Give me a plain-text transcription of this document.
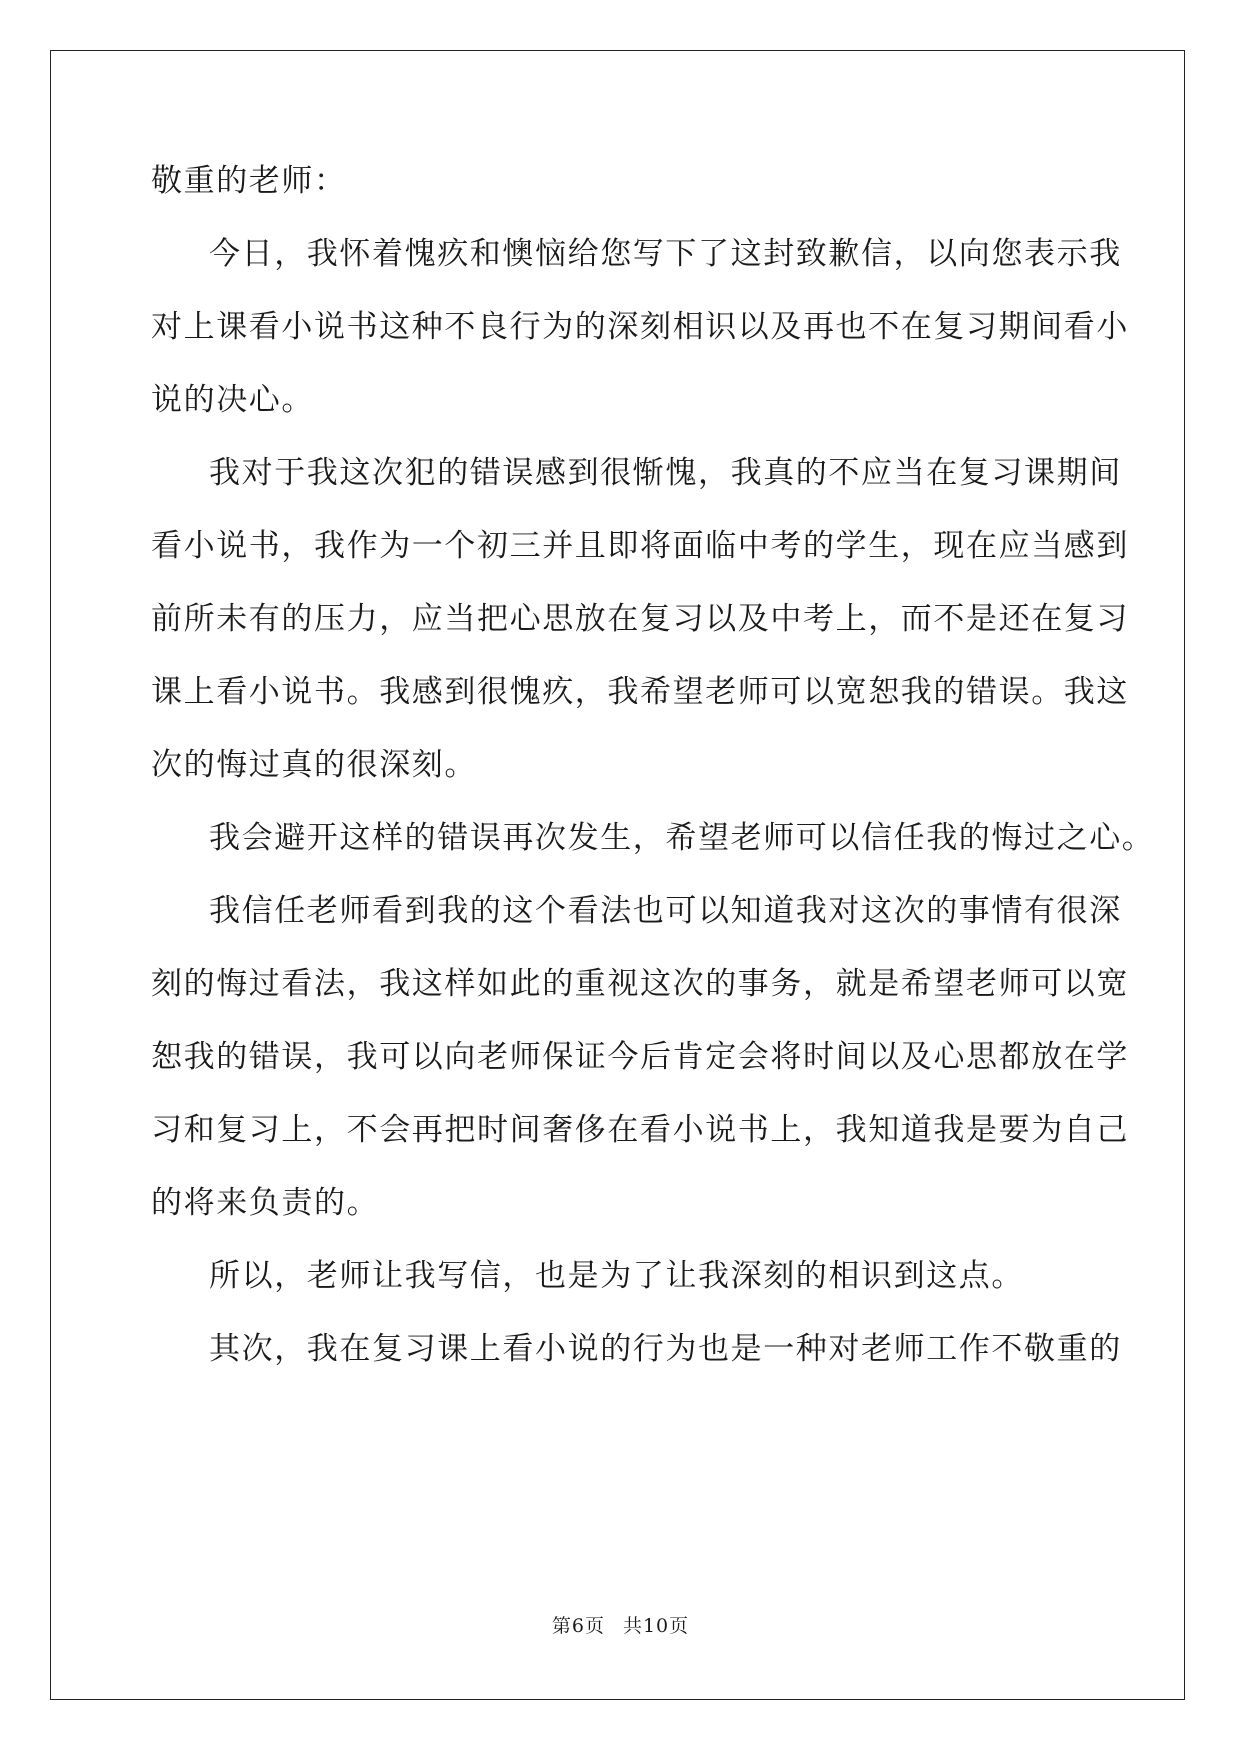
敬重的老师：
今日，我怀着愧疚和懊恼给您写下了这封致歉信，以向您表示我
对上课看小说书这种不良行为的深刻相识以及再也不在复习期间看小
说的决心。
我对于我这次犯的错误感到很惭愧，我真的不应当在复习课期间
看小说书，我作为一个初三并且即将面临中考的学生，现在应当感到
前所未有的压力，应当把心思放在复习以及中考上，而不是还在复习
课上看小说书。我感到很愧疚，我希望老师可以宽恕我的错误。我这
次的悔过真的很深刻。
我会避开这样的错误再次发生，希望老师可以信任我的悔过之心。
我信任老师看到我的这个看法也可以知道我对这次的事情有很深
刻的悔过看法，我这样如此的重视这次的事务，就是希望老师可以宽
恕我的错误，我可以向老师保证今后肯定会将时间以及心思都放在学
习和复习上，不会再把时间奢侈在看小说书上，我知道我是要为自己
的将来负责的。
所以，老师让我写信，也是为了让我深刻的相识到这点。
其次，我在复习课上看小说的行为也是一种对老师工作不敬重的
第6页 共10页
